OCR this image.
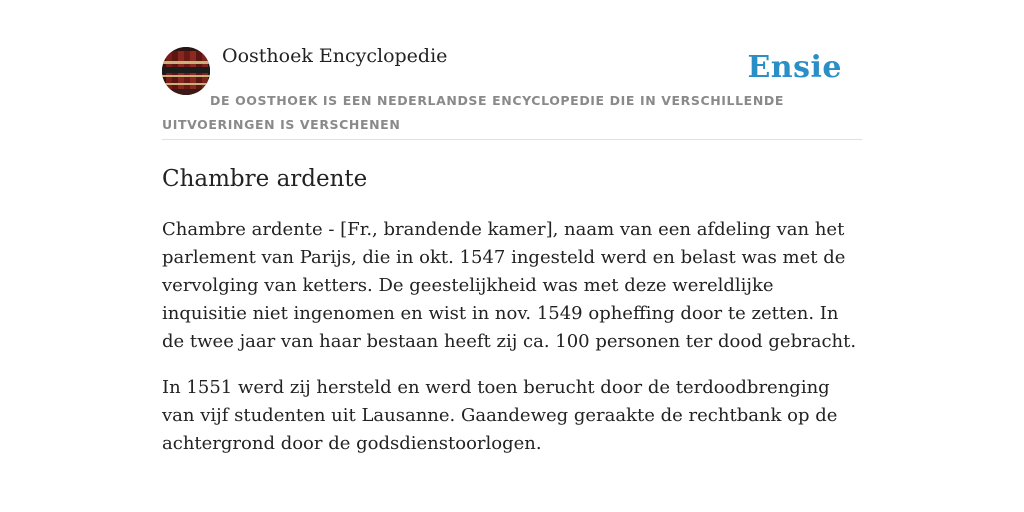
Oosthoek Encyclopedie	Ensie
DE OOSTHOEK IS EEN NEDERLANDSE ENCYCLOPEDIE DIE IN VERSCHILLENDE UITVOERINGEN IS VERSCHENEN
Chambre ardente

Chambre ardente - [Fr., brandende kamer], naam van een afdeling van het parlement van Parijs, die in okt. 1547 ingesteld werd en belast was met de vervolging van ketters. De geestelijkheid was met deze wereldlijke inquisitie niet ingenomen en wist in nov. 1549 opheffing door te zetten. In de twee jaar van haar bestaan heeft zij ca. 100 personen ter dood gebracht.

In 1551 werd zij hersteld en werd toen berucht door de terdoodbrenging van vijf studenten uit Lausanne. Gaandeweg geraakte de rechtbank op de achtergrond door de godsdienstoorlogen.
